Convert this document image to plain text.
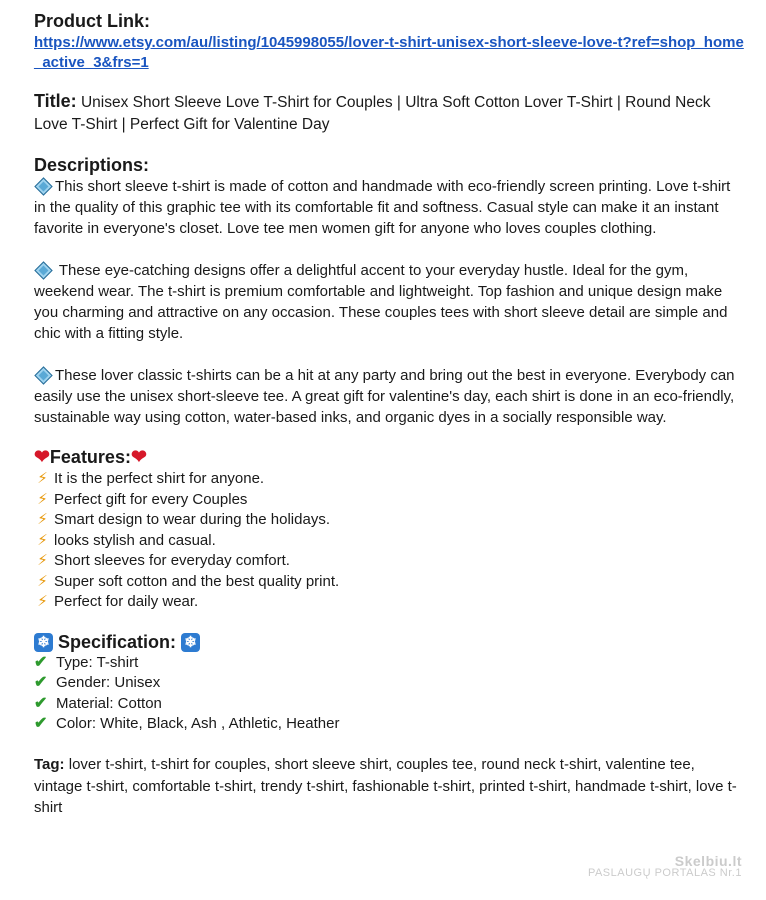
Product Link:
https://www.etsy.com/au/listing/1045998055/lover-t-shirt-unisex-short-sleeve-love-t?ref=shop_home_active_3&frs=1
Title: Unisex Short Sleeve Love T-Shirt for Couples | Ultra Soft Cotton Lover T-Shirt | Round Neck Love T-Shirt | Perfect Gift for Valentine Day
Descriptions:

This short sleeve t-shirt is made of cotton and handmade with eco-friendly screen printing. Love t-shirt in the quality of this graphic tee with its comfortable fit and softness. Casual style can make it an instant favorite in everyone's closet. Love tee men women gift for anyone who loves couples clothing.

These eye-catching designs offer a delightful accent to your everyday hustle. Ideal for the gym, weekend wear. The t-shirt is premium comfortable and lightweight. Top fashion and unique design make you charming and attractive on any occasion. These couples tees with short sleeve detail are simple and chic with a fitting style.

These lover classic t-shirts can be a hit at any party and bring out the best in everyone. Everybody can easily use the unisex short-sleeve tee. A great gift for valentine's day, each shirt is done in an eco-friendly, sustainable way using cotton, water-based inks, and organic dyes in a socially responsible way.

❤Features:❤
⚡︎ It is the perfect shirt for anyone.
⚡︎ Perfect gift for every Couples
⚡︎ Smart design to wear during the holidays.
⚡︎ looks stylish and casual.
⚡︎ Short sleeves for everyday comfort.
⚡︎ Super soft cotton and the best quality print.
⚡︎ Perfect for daily wear.
❄ Specification: ❄
✔ Type: T-shirt
✔ Gender: Unisex
✔ Material: Cotton
✔ Color: White, Black, Ash , Athletic, Heather
Tag: lover t-shirt, t-shirt for couples, short sleeve shirt, couples tee, round neck t-shirt, valentine tee, vintage t-shirt, comfortable t-shirt, trendy t-shirt, fashionable t-shirt, printed t-shirt, handmade t-shirt, love t-shirt
Skelbiu.lt
PASLAUGŲ PORTALAS Nr.1
